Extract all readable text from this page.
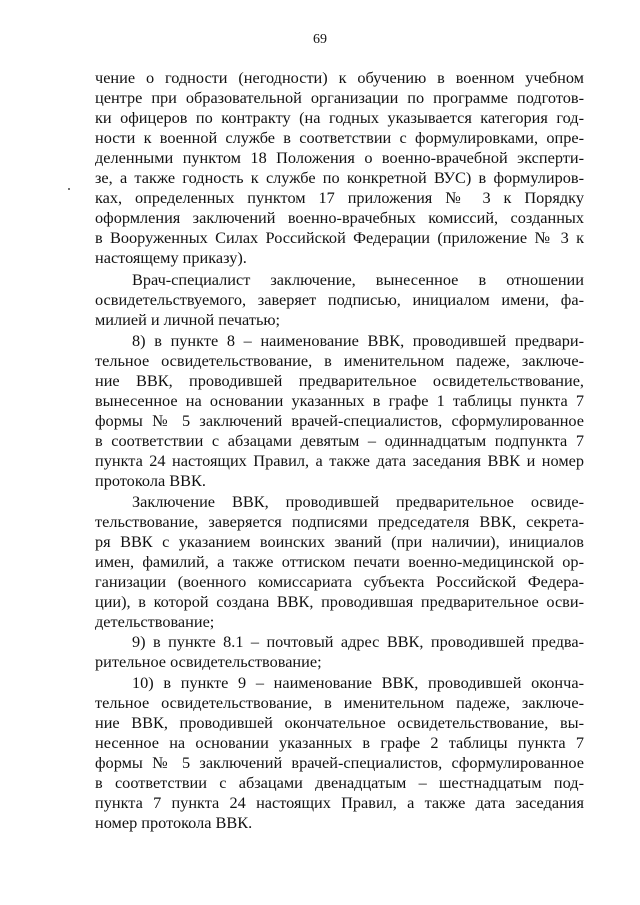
69
чение о годности (негодности) к обучению в военном учебном
центре при образовательной организации по программе подготов-
ки офицеров по контракту (на годных указывается категория год-
ности к военной службе в соответствии с формулировками, опре-
деленными пунктом 18 Положения о военно-врачебной эксперти-
зе, а также годность к службе по конкретной ВУС) в формулиров-
ках, определенных пунктом 17 приложения № 3 к Порядку
оформления заключений военно-врачебных комиссий, созданных
в Вооруженных Силах Российской Федерации (приложение № 3 к
настоящему приказу).
Врач-специалист заключение, вынесенное в отношении
освидетельствуемого, заверяет подписью, инициалом имени, фа-
милией и личной печатью;
8) в пункте 8 – наименование ВВК, проводившей предвари-
тельное освидетельствование, в именительном падеже, заключе-
ние ВВК, проводившей предварительное освидетельствование,
вынесенное на основании указанных в графе 1 таблицы пункта 7
формы № 5 заключений врачей-специалистов, сформулированное
в соответствии с абзацами девятым – одиннадцатым подпункта 7
пункта 24 настоящих Правил, а также дата заседания ВВК и номер
протокола ВВК.
Заключение ВВК, проводившей предварительное освиде-
тельствование, заверяется подписями председателя ВВК, секрета-
ря ВВК с указанием воинских званий (при наличии), инициалов
имен, фамилий, а также оттиском печати военно-медицинской ор-
ганизации (военного комиссариата субъекта Российской Федера-
ции), в которой создана ВВК, проводившая предварительное осви-
детельствование;
9) в пункте 8.1 – почтовый адрес ВВК, проводившей предва-
рительное освидетельствование;
10) в пункте 9 – наименование ВВК, проводившей оконча-
тельное освидетельствование, в именительном падеже, заключе-
ние ВВК, проводившей окончательное освидетельствование, вы-
несенное на основании указанных в графе 2 таблицы пункта 7
формы № 5 заключений врачей-специалистов, сформулированное
в соответствии с абзацами двенадцатым – шестнадцатым под-
пункта 7 пункта 24 настоящих Правил, а также дата заседания
номер протокола ВВК.
